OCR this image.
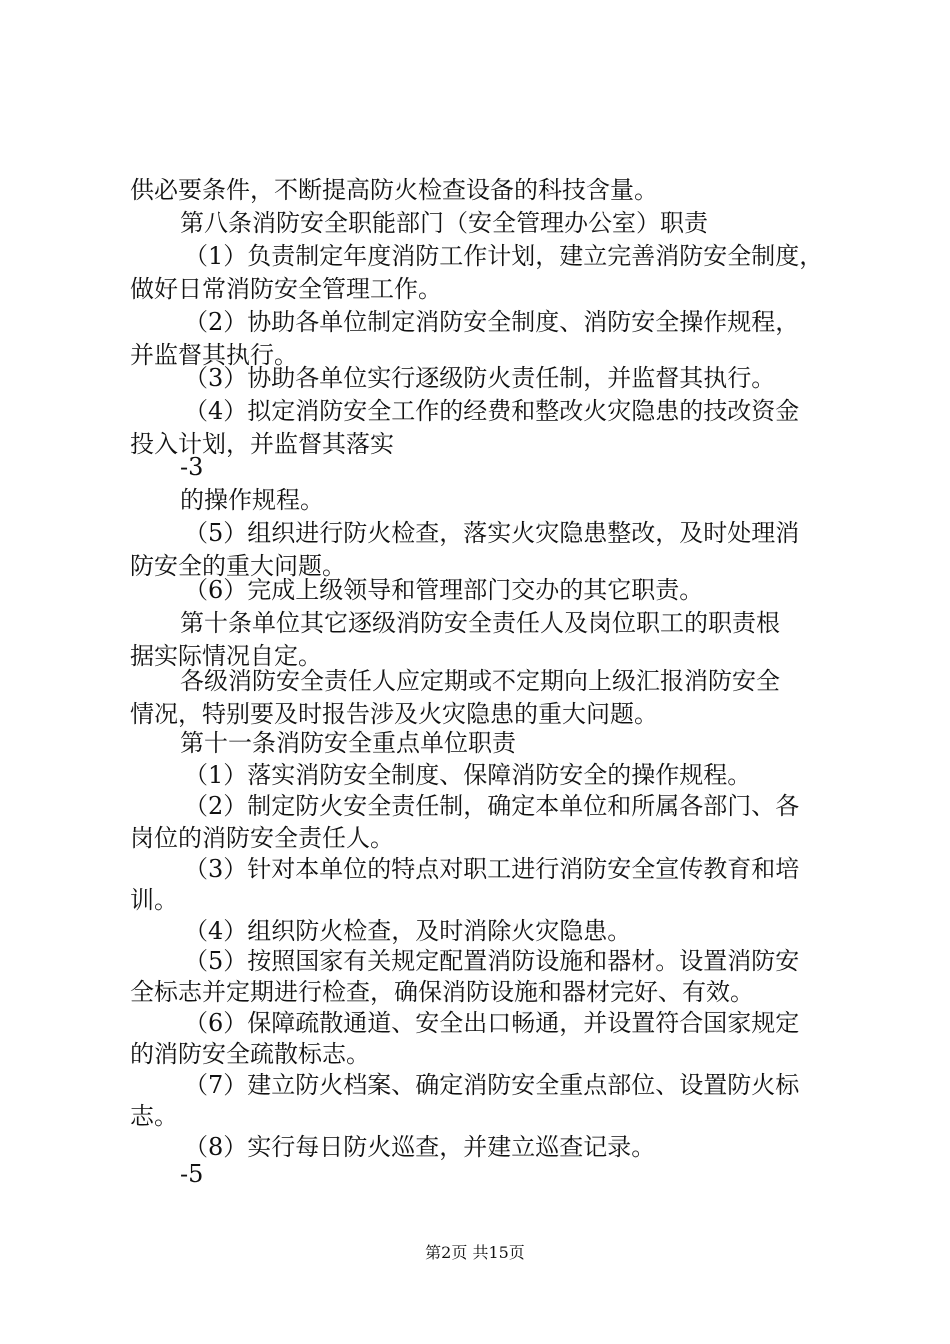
供必要条件，不断提高防火检查设备的科技含量。
第八条消防安全职能部门（安全管理办公室）职责
（1）负责制定年度消防工作计划，建立完善消防安全制度，
做好日常消防安全管理工作。
（2）协助各单位制定消防安全制度、消防安全操作规程，
并监督其执行。
（3）协助各单位实行逐级防火责任制，并监督其执行。
（4）拟定消防安全工作的经费和整改火灾隐患的技改资金
投入计划，并监督其落实
-3
的操作规程。
（5）组织进行防火检查，落实火灾隐患整改，及时处理消
防安全的重大问题。
（6）完成上级领导和管理部门交办的其它职责。
第十条单位其它逐级消防安全责任人及岗位职工的职责根
据实际情况自定。
各级消防安全责任人应定期或不定期向上级汇报消防安全
情况，特别要及时报告涉及火灾隐患的重大问题。
第十一条消防安全重点单位职责
（1）落实消防安全制度、保障消防安全的操作规程。
（2）制定防火安全责任制，确定本单位和所属各部门、各
岗位的消防安全责任人。
（3）针对本单位的特点对职工进行消防安全宣传教育和培
训。
（4）组织防火检查，及时消除火灾隐患。
（5）按照国家有关规定配置消防设施和器材。设置消防安
全标志并定期进行检查，确保消防设施和器材完好、有效。
（6）保障疏散通道、安全出口畅通，并设置符合国家规定
的消防安全疏散标志。
（7）建立防火档案、确定消防安全重点部位、设置防火标
志。
（8）实行每日防火巡查，并建立巡查记录。
-5
第2页 共15页
